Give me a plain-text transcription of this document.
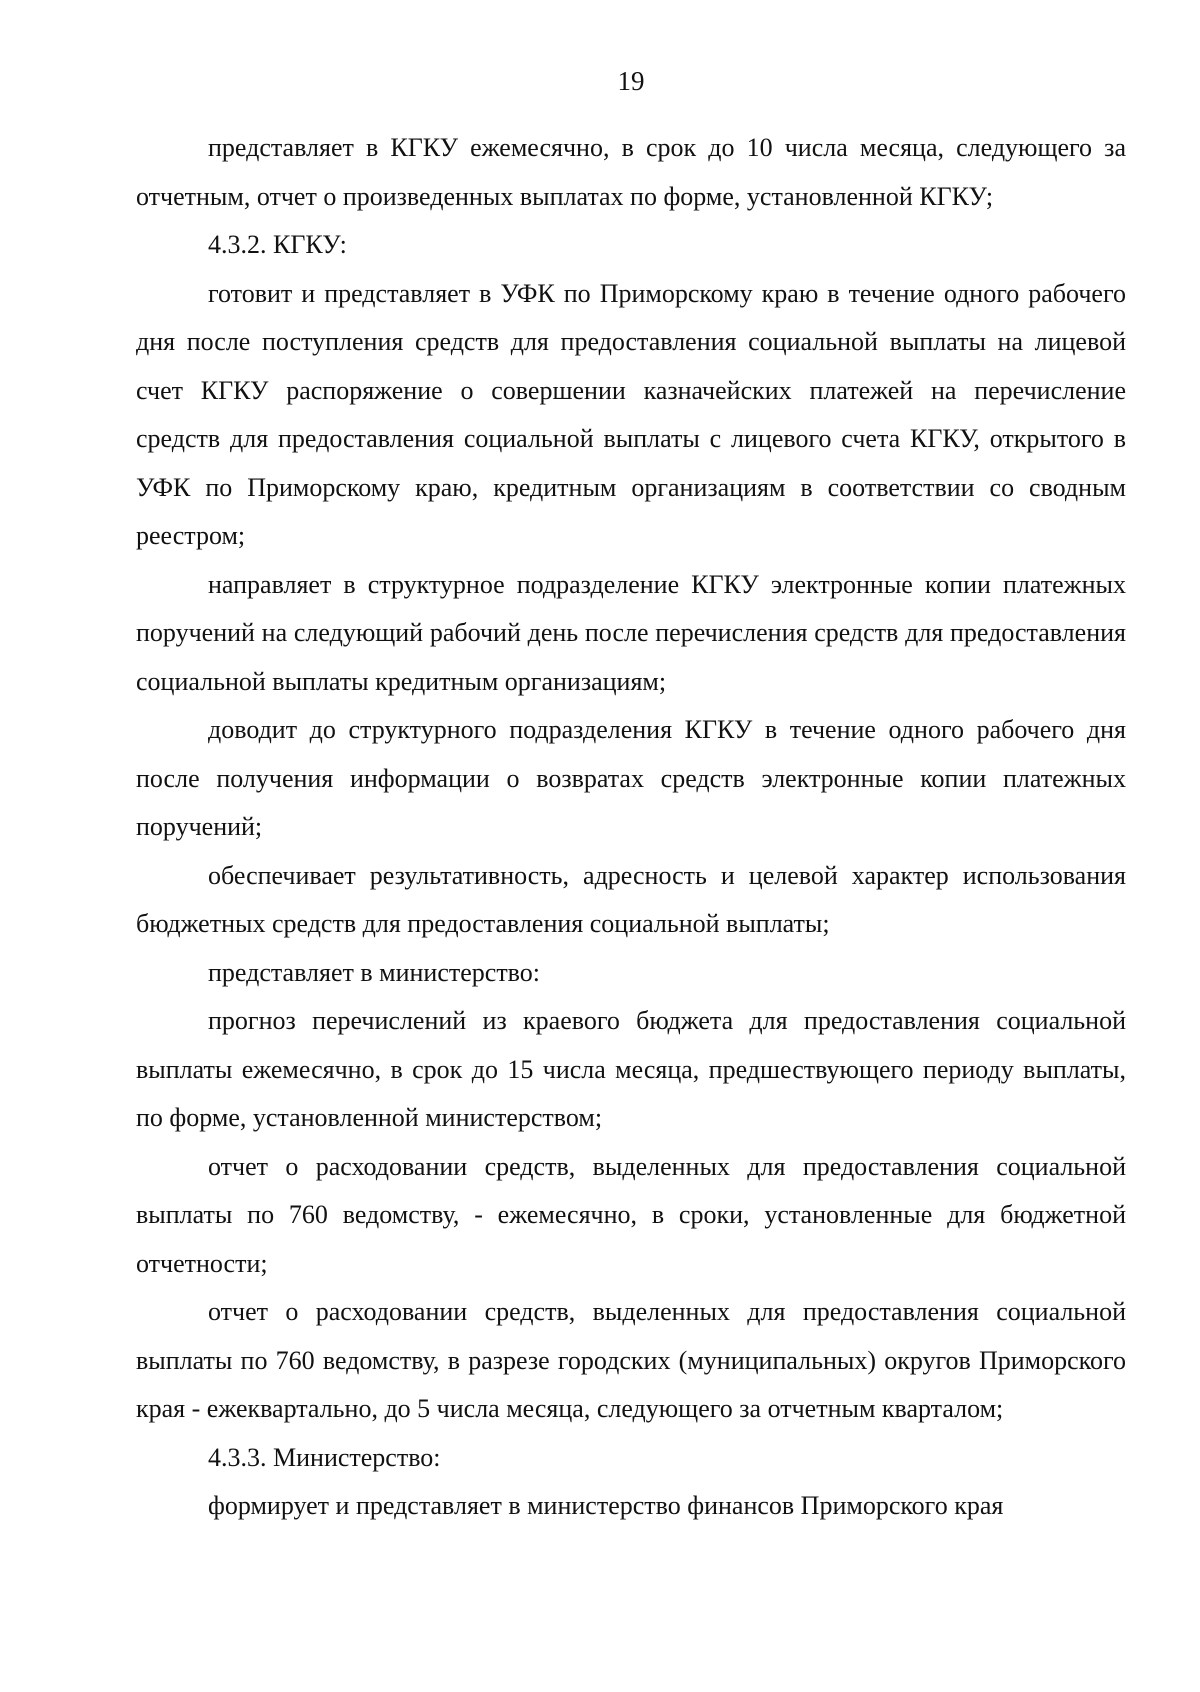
19

представляет в КГКУ ежемесячно, в срок до 10 числа месяца, следующего за отчетным, отчет о произведенных выплатах по форме, установленной КГКУ;

4.3.2. КГКУ:

готовит и представляет в УФК по Приморскому краю в течение одного рабочего дня после поступления средств для предоставления социальной выплаты на лицевой счет КГКУ распоряжение о совершении казначейских платежей на перечисление средств для предоставления социальной выплаты с лицевого счета КГКУ, открытого в УФК по Приморскому краю, кредитным организациям в соответствии со сводным реестром;

направляет в структурное подразделение КГКУ электронные копии платежных поручений на следующий рабочий день после перечисления средств для предоставления социальной выплаты кредитным организациям;

доводит до структурного подразделения КГКУ в течение одного рабочего дня после получения информации о возвратах средств электронные копии платежных поручений;

обеспечивает результативность, адресность и целевой характер использования бюджетных средств для предоставления социальной выплаты;

представляет в министерство:

прогноз перечислений из краевого бюджета для предоставления социальной выплаты ежемесячно, в срок до 15 числа месяца, предшествующего периоду выплаты, по форме, установленной министерством;

отчет о расходовании средств, выделенных для предоставления социальной выплаты по 760 ведомству, - ежемесячно, в сроки, установленные для бюджетной отчетности;

отчет о расходовании средств, выделенных для предоставления социальной выплаты по 760 ведомству, в разрезе городских (муниципальных) округов Приморского края - ежеквартально, до 5 числа месяца, следующего за отчетным кварталом;

4.3.3. Министерство:

формирует и представляет в министерство финансов Приморского края
